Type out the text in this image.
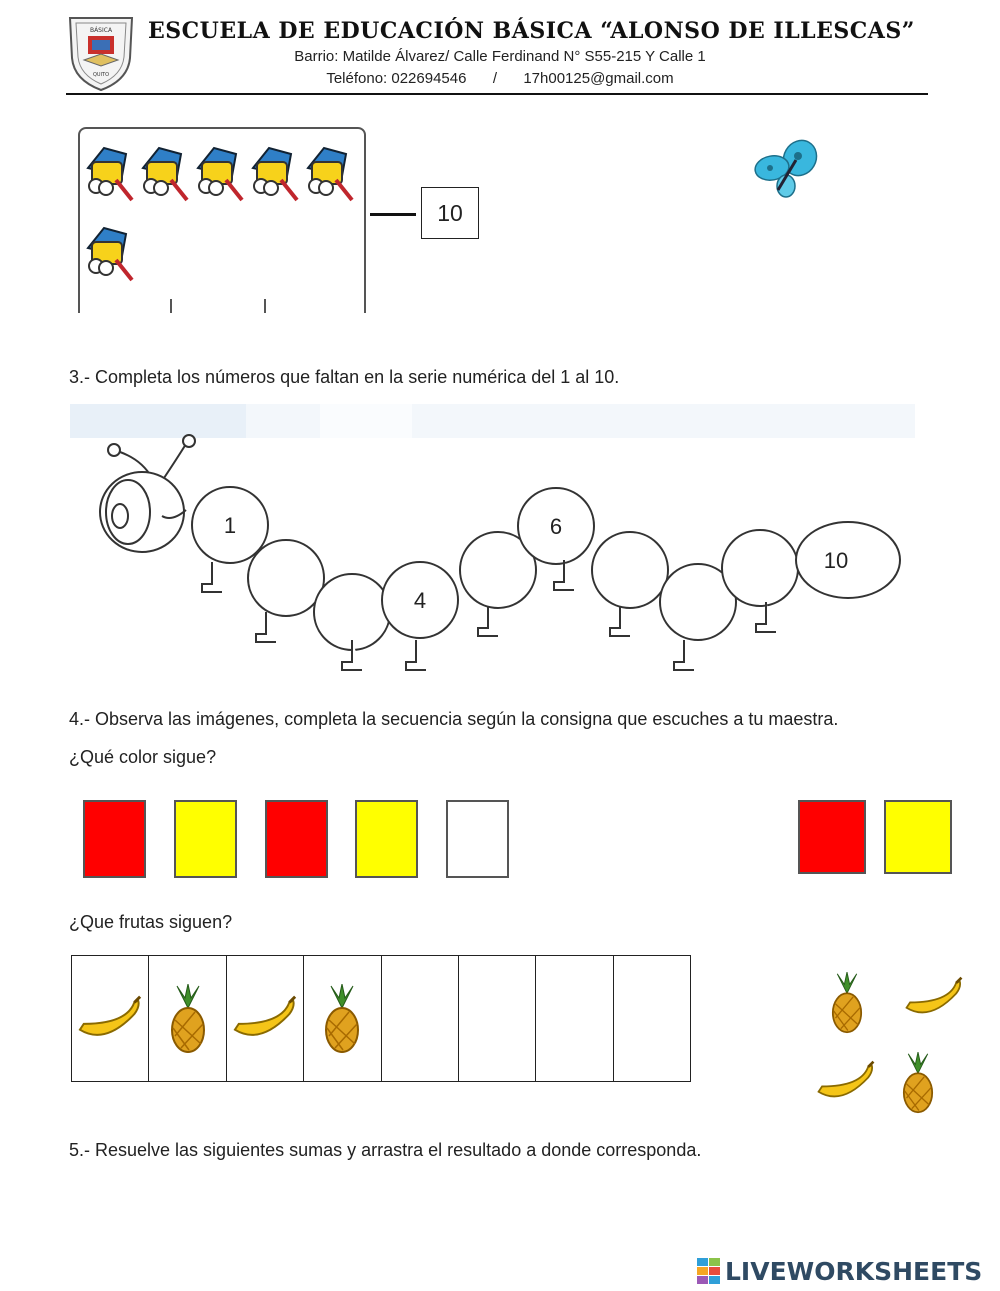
BÁSICA
QUITO
ESCUELA DE EDUCACIÓN BÁSICA “ALONSO DE ILLESCAS”
Barrio: Matilde Álvarez/ Calle Ferdinand N° S55-215 Y Calle 1
Teléfono: 022694546 / 17h00125@gmail.com
10
3.- Completa los números que faltan en la serie numérica del 1 al 10.
1
4
6
10
4.- Observa las imágenes, completa la secuencia según la consigna que escuches a tu maestra.
¿Qué color sigue?
¿Que frutas siguen?
5.- Resuelve las siguientes sumas y arrastra el resultado a donde corresponda.
LIVEWORKSHEETS
